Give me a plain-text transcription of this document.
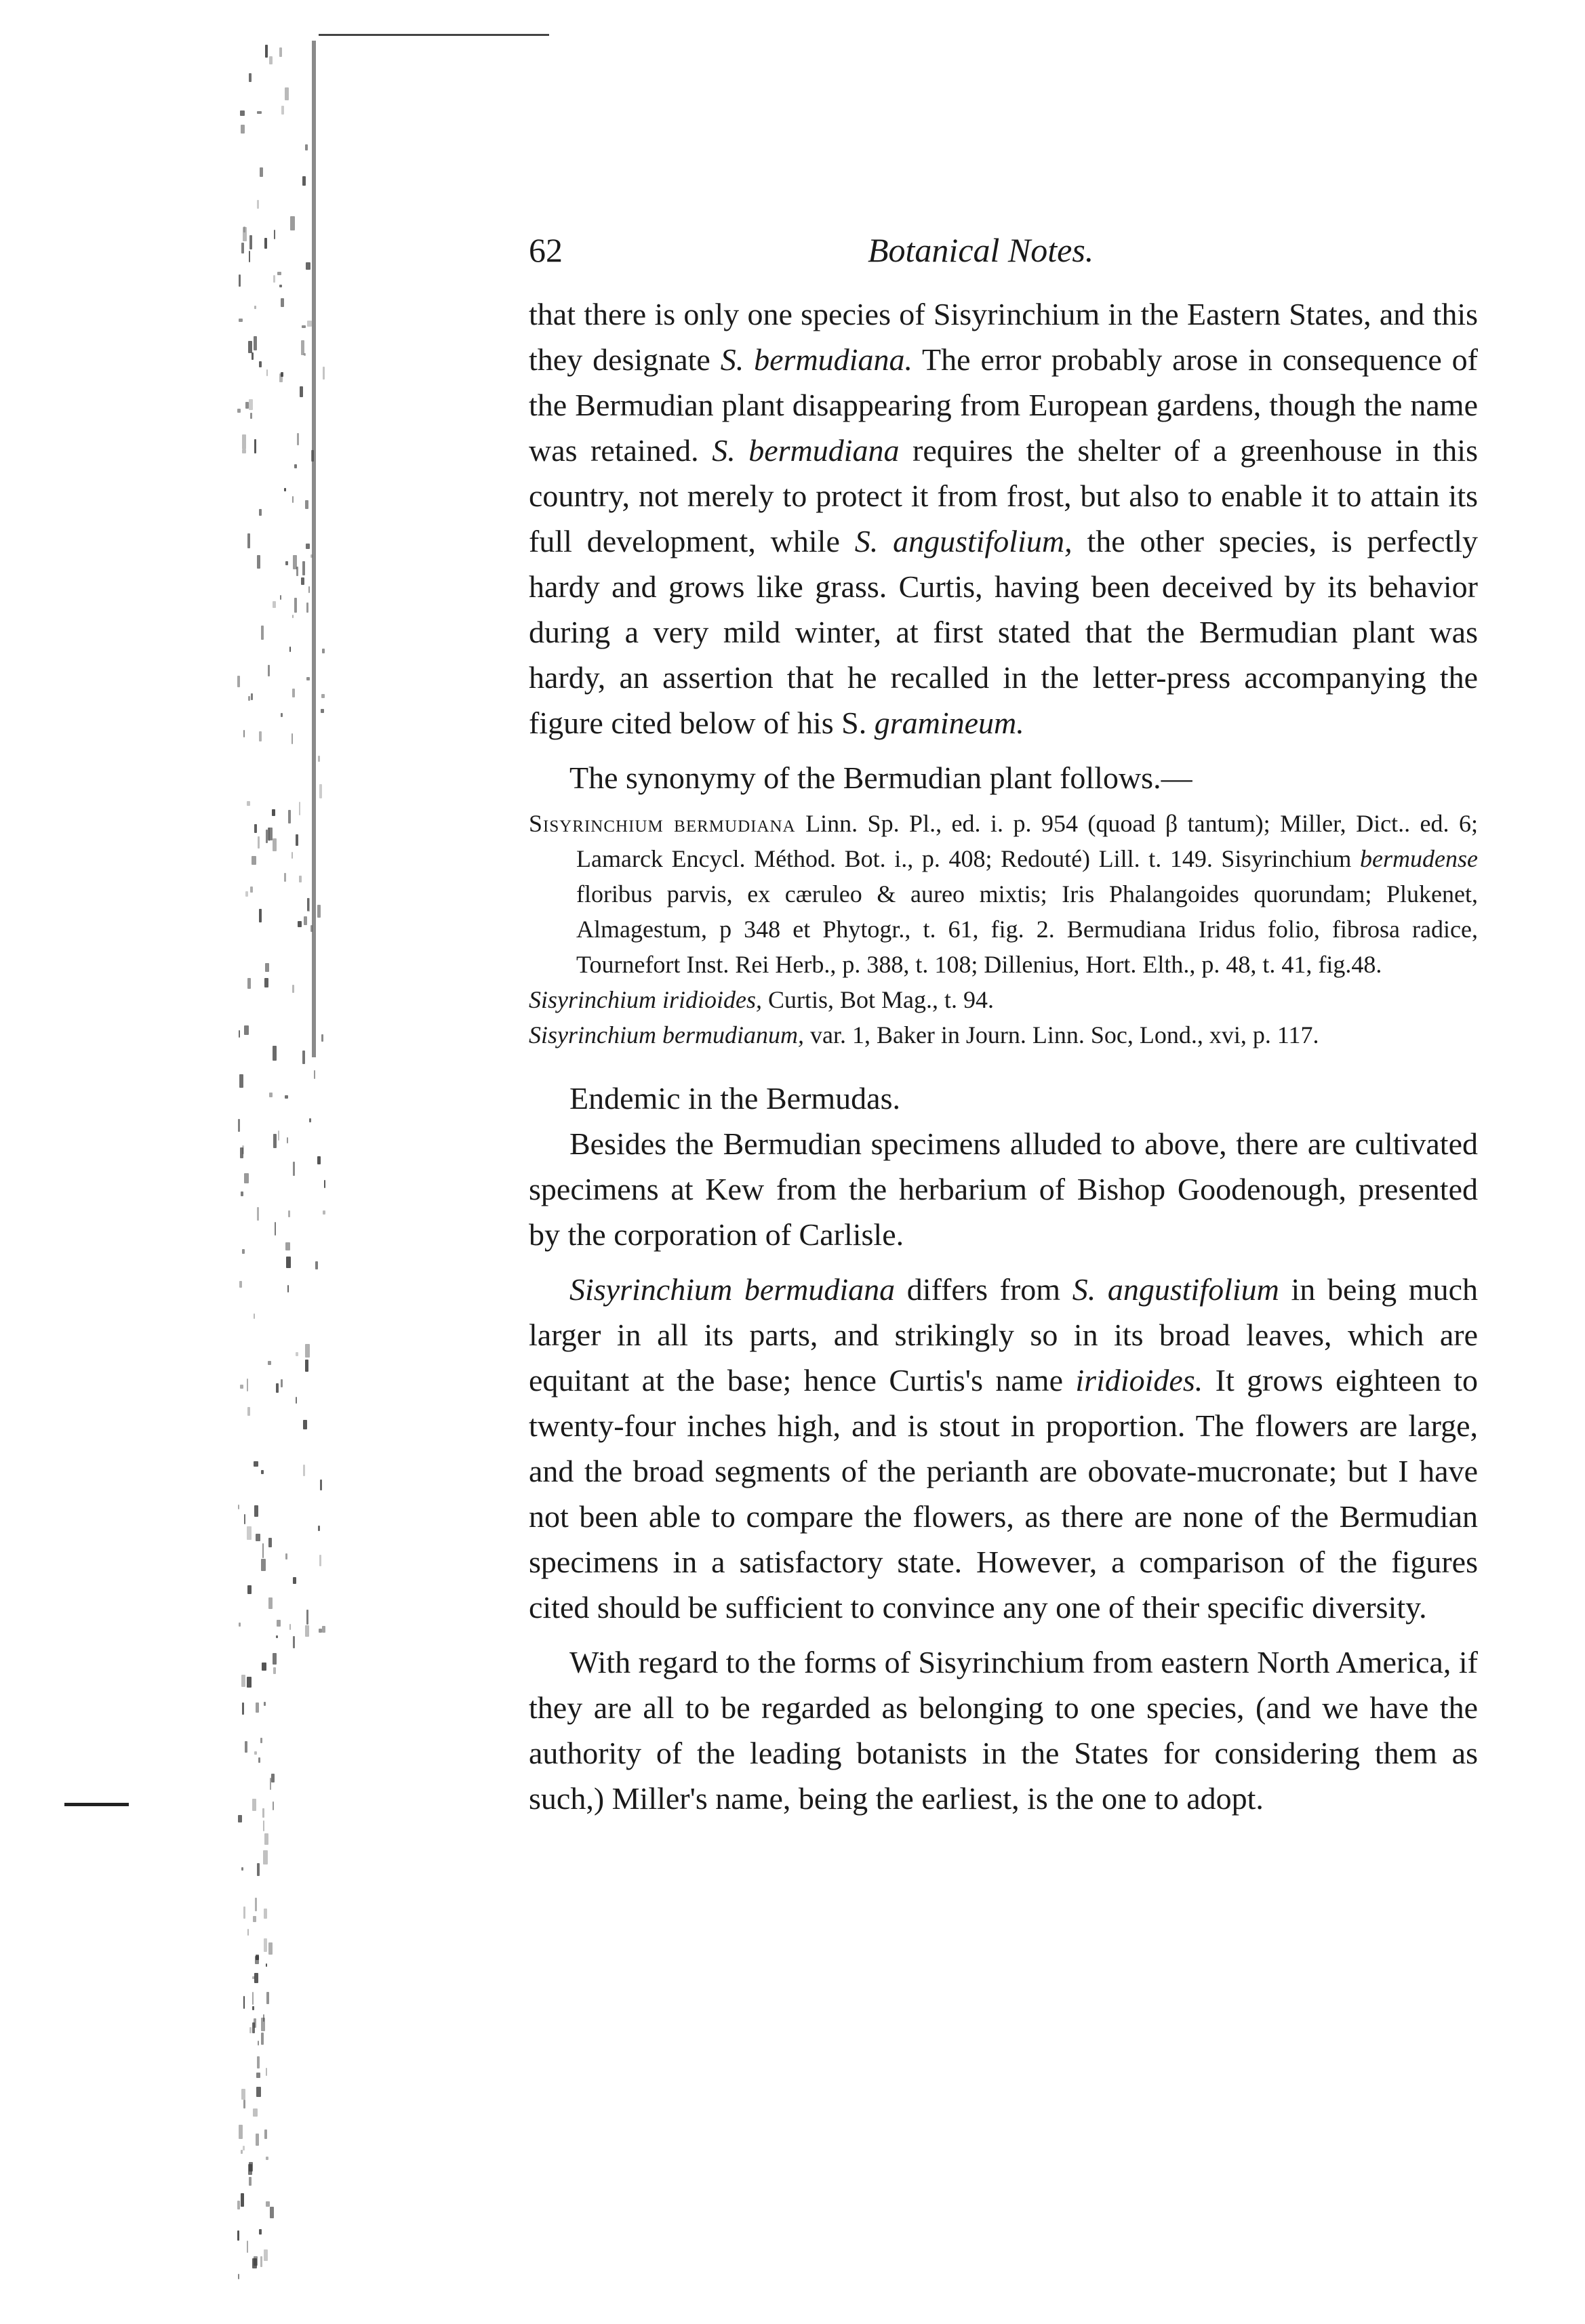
62	Botanical Notes.

that there is only one species of Sisyrinchium in the Eastern States, and this they designate S. bermudiana. The error probably arose in consequence of the Bermudian plant disappearing from European gardens, though the name was retained. S. bermudiana requires the shelter of a greenhouse in this country, not merely to protect it from frost, but also to enable it to attain its full development, while S. angustifolium, the other species, is perfectly hardy and grows like grass. Curtis, having been deceived by its behavior during a very mild winter, at first stated that the Bermudian plant was hardy, an assertion that he recalled in the letter-press accompanying the figure cited below of his S. gramineum.

The synonymy of the Bermudian plant follows.—

Sisyrinchium bermudiana Linn. Sp. Pl., ed. i. p. 954 (quoad β tantum); Miller, Dict.. ed. 6; Lamarck Encycl. Méthod. Bot. i., p. 408; Redouté) Lill. t. 149. Sisyrinchium bermudense floribus parvis, ex cæruleo & aureo mixtis; Iris Phalangoides quorundam; Plukenet, Almagestum, p 348 et Phytogr., t. 61, fig. 2. Bermudiana Iridus folio, fibrosa radice, Tournefort Inst. Rei Herb., p. 388, t. 108; Dillenius, Hort. Elth., p. 48, t. 41, fig.48.

Sisyrinchium iridioides, Curtis, Bot Mag., t. 94.

Sisyrinchium bermudianum, var. 1, Baker in Journ. Linn. Soc, Lond., xvi, p. 117.

Endemic in the Bermudas.

Besides the Bermudian specimens alluded to above, there are cultivated specimens at Kew from the herbarium of Bishop Goodenough, presented by the corporation of Carlisle.

Sisyrinchium bermudiana differs from S. angustifolium in being much larger in all its parts, and strikingly so in its broad leaves, which are equitant at the base; hence Curtis's name iridioides. It grows eighteen to twenty-four inches high, and is stout in proportion. The flowers are large, and the broad segments of the perianth are obovate-mucronate; but I have not been able to compare the flowers, as there are none of the Bermudian specimens in a satisfactory state. However, a comparison of the figures cited should be sufficient to convince any one of their specific diversity.

With regard to the forms of Sisyrinchium from eastern North America, if they are all to be regarded as belonging to one species, (and we have the authority of the leading botanists in the States for considering them as such,) Miller's name, being the earliest, is the one to adopt.
